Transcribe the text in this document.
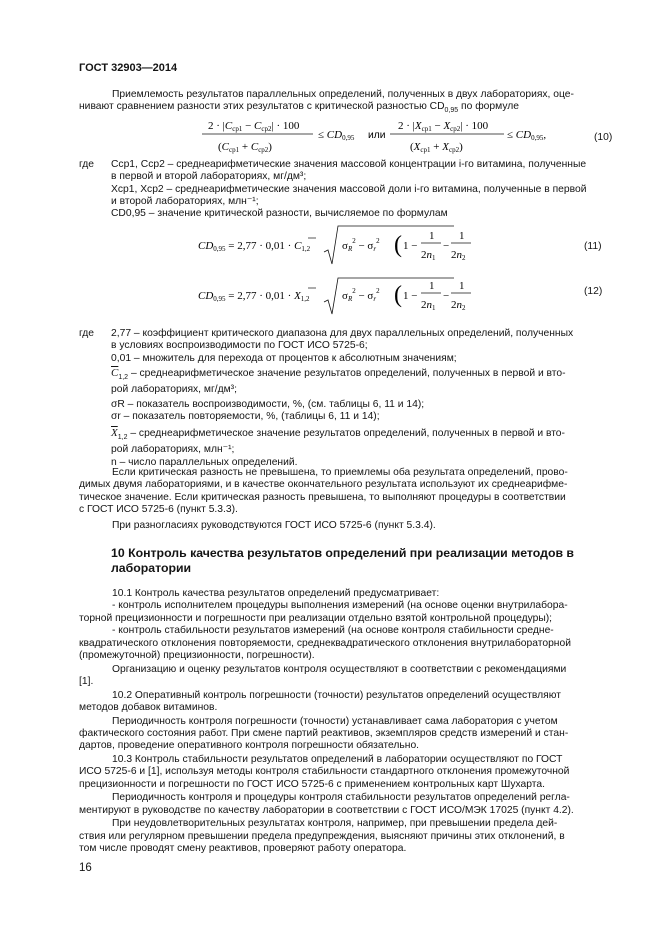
ГОСТ 32903—2014
Приемлемость результатов параллельных определений, полученных в двух лабораториях, оце-
нивают сравнением разности этих результатов с критической разностью $CD_{0,95}$ по формуле
2 · |Cср1 − Cср2| · 100
(Cср1 + Cср2)
≤ CD0,95 или
2 · |Xср1 − Xср2| · 100
(Xср1 + Xср2)
≤ CD0,95,	(10)
где Cср1, Cср2 – среднеарифметические значения массовой концентрации i-го витамина, полученные
в первой и второй лабораториях, мг/дм³;
Xср1, Xср2 – среднеарифметические значения массовой доли i-го витамина, полученные в первой
и второй лабораториях, млн⁻¹;
CD0,95 – значение критической разности, вычисляемое по формулам
CD0,95 = 2,77 · 0,01 · C1,2	$\sigma R^2 - \sigma r^2$ ( 1 −
1
2n1
−
1
2n2
(11)
CD0,95 = 2,77 · 0,01 · X1,2	$\sigma R^2 - \sigma r^2$ ( 1 −
1
2n1
−
1
2n2
(12)
где 2,77 – коэффициент критического диапазона для двух параллельных определений, полученных
в условиях воспроизводимости по ГОСТ ИСО 5725-6;
0,01 – множитель для перехода от процентов к абсолютным значениям;
$\overline{C}_{1,2}$ – среднеарифметическое значение результатов определений, полученных в первой и вто-
рой лабораториях, мг/дм³;
σR – показатель воспроизводимости, %, (см. таблицы 6, 11 и 14);
σr – показатель повторяемости, %, (таблицы 6, 11 и 14);
$\overline{X}_{1,2}$ – среднеарифметическое значение результатов определений, полученных в первой и вто-
рой лабораториях, млн⁻¹;
n – число параллельных определений.
Если критическая разность не превышена, то приемлемы оба результата определений, прово-
димых двумя лабораториями, и в качестве окончательного результата используют их среднеарифме-
тическое значение. Если критическая разность превышена, то выполняют процедуры в соответствии
с ГОСТ ИСО 5725-6 (пункт 5.3.3).
При разногласиях руководствуются ГОСТ ИСО 5725-6 (пункт 5.3.4).
10 Контроль качества результатов определений при реализации методов в
лаборатории
10.1 Контроль качества результатов определений предусматривает:
- контроль исполнителем процедуры выполнения измерений (на основе оценки внутрилабора-
торной прецизионности и погрешности при реализации отдельно взятой контрольной процедуры);
- контроль стабильности результатов измерений (на основе контроля стабильности средне-
квадратического отклонения повторяемости, среднеквадратического отклонения внутрилабораторной
(промежуточной) прецизионности, погрешности).
Организацию и оценку результатов контроля осуществляют в соответствии с рекомендациями
[1].
10.2 Оперативный контроль погрешности (точности) результатов определений осуществляют
методов добавок витаминов.
Периодичность контроля погрешности (точности) устанавливает сама лаборатория с учетом
фактического состояния работ. При смене партий реактивов, экземпляров средств измерений и стан-
дартов, проведение оперативного контроля погрешности обязательно.
10.3 Контроль стабильности результатов определений в лаборатории осуществляют по ГОСТ
ИСО 5725-6 и [1], используя методы контроля стабильности стандартного отклонения промежуточной
прецизионности и погрешности по ГОСТ ИСО 5725-6 с применением контрольных карт Шухарта.
Периодичность контроля и процедуры контроля стабильности результатов определений регла-
ментируют в руководстве по качеству лаборатории в соответствии с ГОСТ ИСО/МЭК 17025 (пункт 4.2).
При неудовлетворительных результатах контроля, например, при превышении предела дей-
ствия или регулярном превышении предела предупреждения, выясняют причины этих отклонений, в
том числе проводят смену реактивов, проверяют работу оператора.
16
